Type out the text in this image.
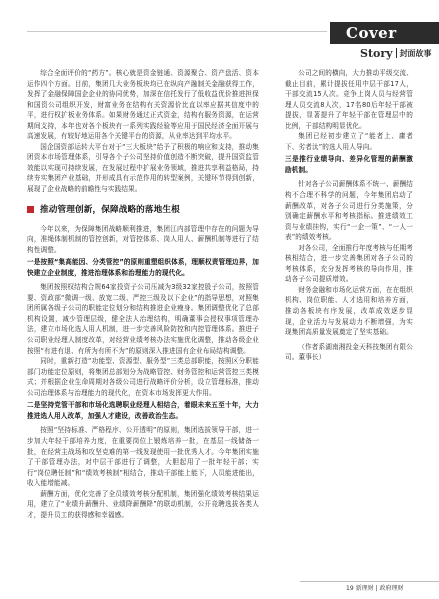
Cover
Story 封面故事

综合全面评价的“药方”。核心就是资金链通、资源聚合、资产盘活、资本运作四个方面。目前，集团几大业务板块均已在纵向产融制关金融获得工作，发挥了金融保障国企企业的协同优势，加深在信托发行了低收益优价推进担保和国资公司组织开发，财富业务在结构有关资源价比直以率应据其信度中的平，进行权扩板业务体系。如果财务通过正式资金，结构有服务资源，在运营期间支持，本年也对各个板块有一系列实践经验等应用于国民经济全面开展与高速发展，有较好地运用各个关键平台的资源，从业率达到平均水平。

国企国资部运转大平台对于“三大板块”给予了积极的响应和支持，推动集团资本市场管理体系，引导各个子公司坚持价值创造不断突破，提升国资监管效能以实现可持续发展，在发展过程中扩展业务领域，推进共享利益格局，持续夯实集团产业基础，并形成具有示范作用的转型案例，关键环节得到创新，展现了企业战略的前瞻性与实践结果。

推动管理创新，保障战略的落地生根

今年以来，为保障集团战略顺利推进，集团江内部管理中存在的问题为导向，准绳体制机制的管控创新，对管控体系、岗人用人、薪酬机制等进行了结构性调整。

一是按照“集高能因、分类管控”的原则重塑组织体系，理顺权责管理边界，加快建立企业制度，推进治理体系和治理能力的现代化。

集团按照权结构合规64家投资子公司压减为3级32家控股子公司，按照管要、资政部“微调一级、放宽二级、严控三级及以下企业”的指导思想，对照集团所属各级子公司的职能定位划分和结构推进企业瘦身。集团调整优化了总部机构设置，减少管理层级，健全法人治理结构，明确董事会授权事项管理办法，建立市场化选人用人机制，进一步完善风险防控和内控管理体系。推进子公司职业经理人制度改革，对经营业绩考核办法实施优化调整，推动各级企业按照“有进有退、有所为有所不为”的原则深入推进国有企业布局结构调整。

同时，重新打造“功能型、资源型、服务型”三类总部职能，按照区分职能部门功能定位原则，将集团总部划分为战略管控、财务管控和运营管控三类模式；并根据企业生命周期对各级公司进行战略评价分析，设立管理标准，推动公司治理体系与治理能力的现代化，在资本市场发挥更大作用。

二是坚持党管干部和市场化选聘职业经理人相结合，着眼未来五至十年，大力推进选人用人改革，加强人才建设，改善政治生态。

按照“坚持标准、严格程序、公开透明”的原则，集团选拔领导干部，进一步加大年轻干部培养力度，在重要岗位上锻炼培养一批，在基层一线储备一批，在经营主战场和攻坚克难的第一线发现使用一批优秀人才。今年集团实施了干部管理办法，对中层干部进行了调整，大胆起用了一批年轻干部；实行“岗位聘任制”和“绩效考核制”相结合，推动干部能上能下，人员能进能出，收入能增能减。

薪酬方面，优化完善了全员绩效考核分配机制，集团强化绩效考核结果运用，建立了“业绩升薪酬升、业绩降薪酬降”的联动机制，公开竞聘选拔各类人才，提升员工的获得感和幸福感。

公司之间的横向，大力推动平级交流、截止目前，累计提拔任用中层干部17人，干部交流15人次。竞争上岗人员与经营管理人员交流8人次，17名80后年轻干部被提拔，显著提升了年轻干部在管理层中的比例，干部结构明显优化。

集团已经初步建立了“能者上、庸者下、劣者汰”的选人用人导向。

三是推行业绩导向、差异化管理的薪酬激励机制。

针对各子公司薪酬体系不统一、薪酬结构不合理不科学的问题，今年集团启动了薪酬改革，对各子公司进行分类施策，分别确定薪酬水平和考核指标。推进绩效工资与业绩挂钩，实行“一企一策”、“一人一表”的绩效考核。

对各公司，全面推行年度考核与任期考核相结合，进一步完善集团对各子公司的考核体系，充分发挥考核的导向作用，推动各子公司提质增效。

财务金融和市场化运营方面，在在组织机构、岗位职能、人才选用和培养方面，推动各板块有序发展，改革成效逐步显现，企业活力与发展动力不断增强，为实现集团高质量发展奠定了坚实基础。

（作者系湖南湘投金天科技集团有限公司。董事长）

19 新理财 | 政府理财
